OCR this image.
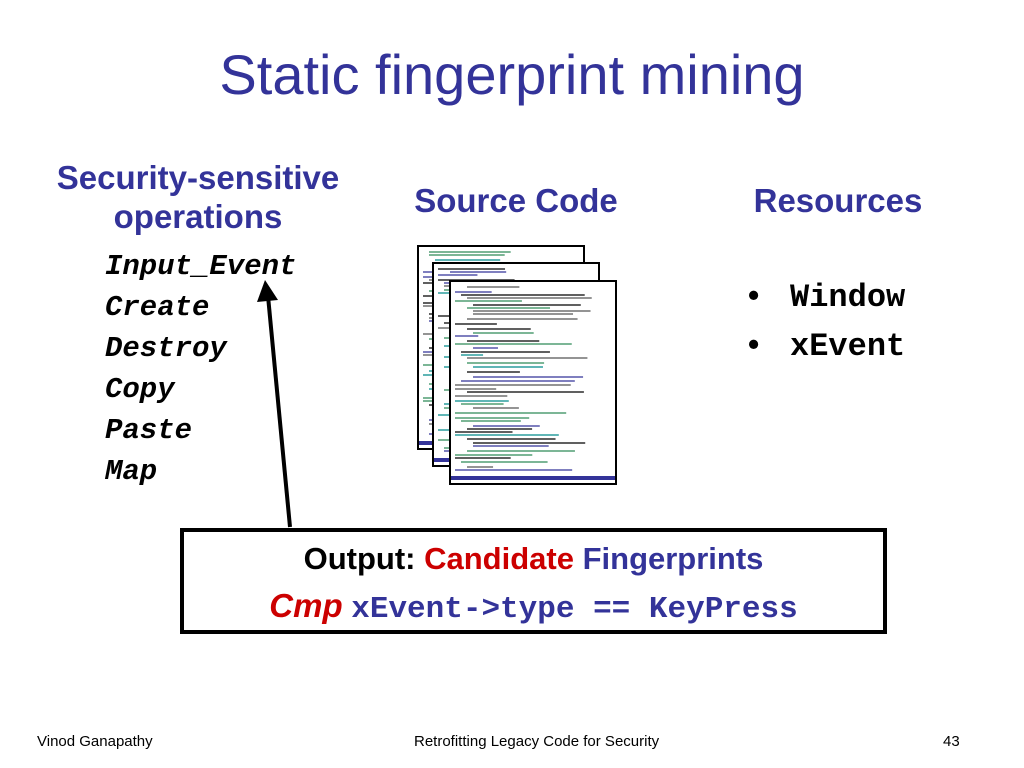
Static fingerprint mining
Security-sensitive
operations	Source Code	Resources
Input_Event
Create
Destroy
Copy
Paste
Map
• Window
• xEvent
Output: Candidate Fingerprints
Cmp xEvent->type == KeyPress
Vinod Ganapathy	Retrofitting Legacy Code for Security	43
